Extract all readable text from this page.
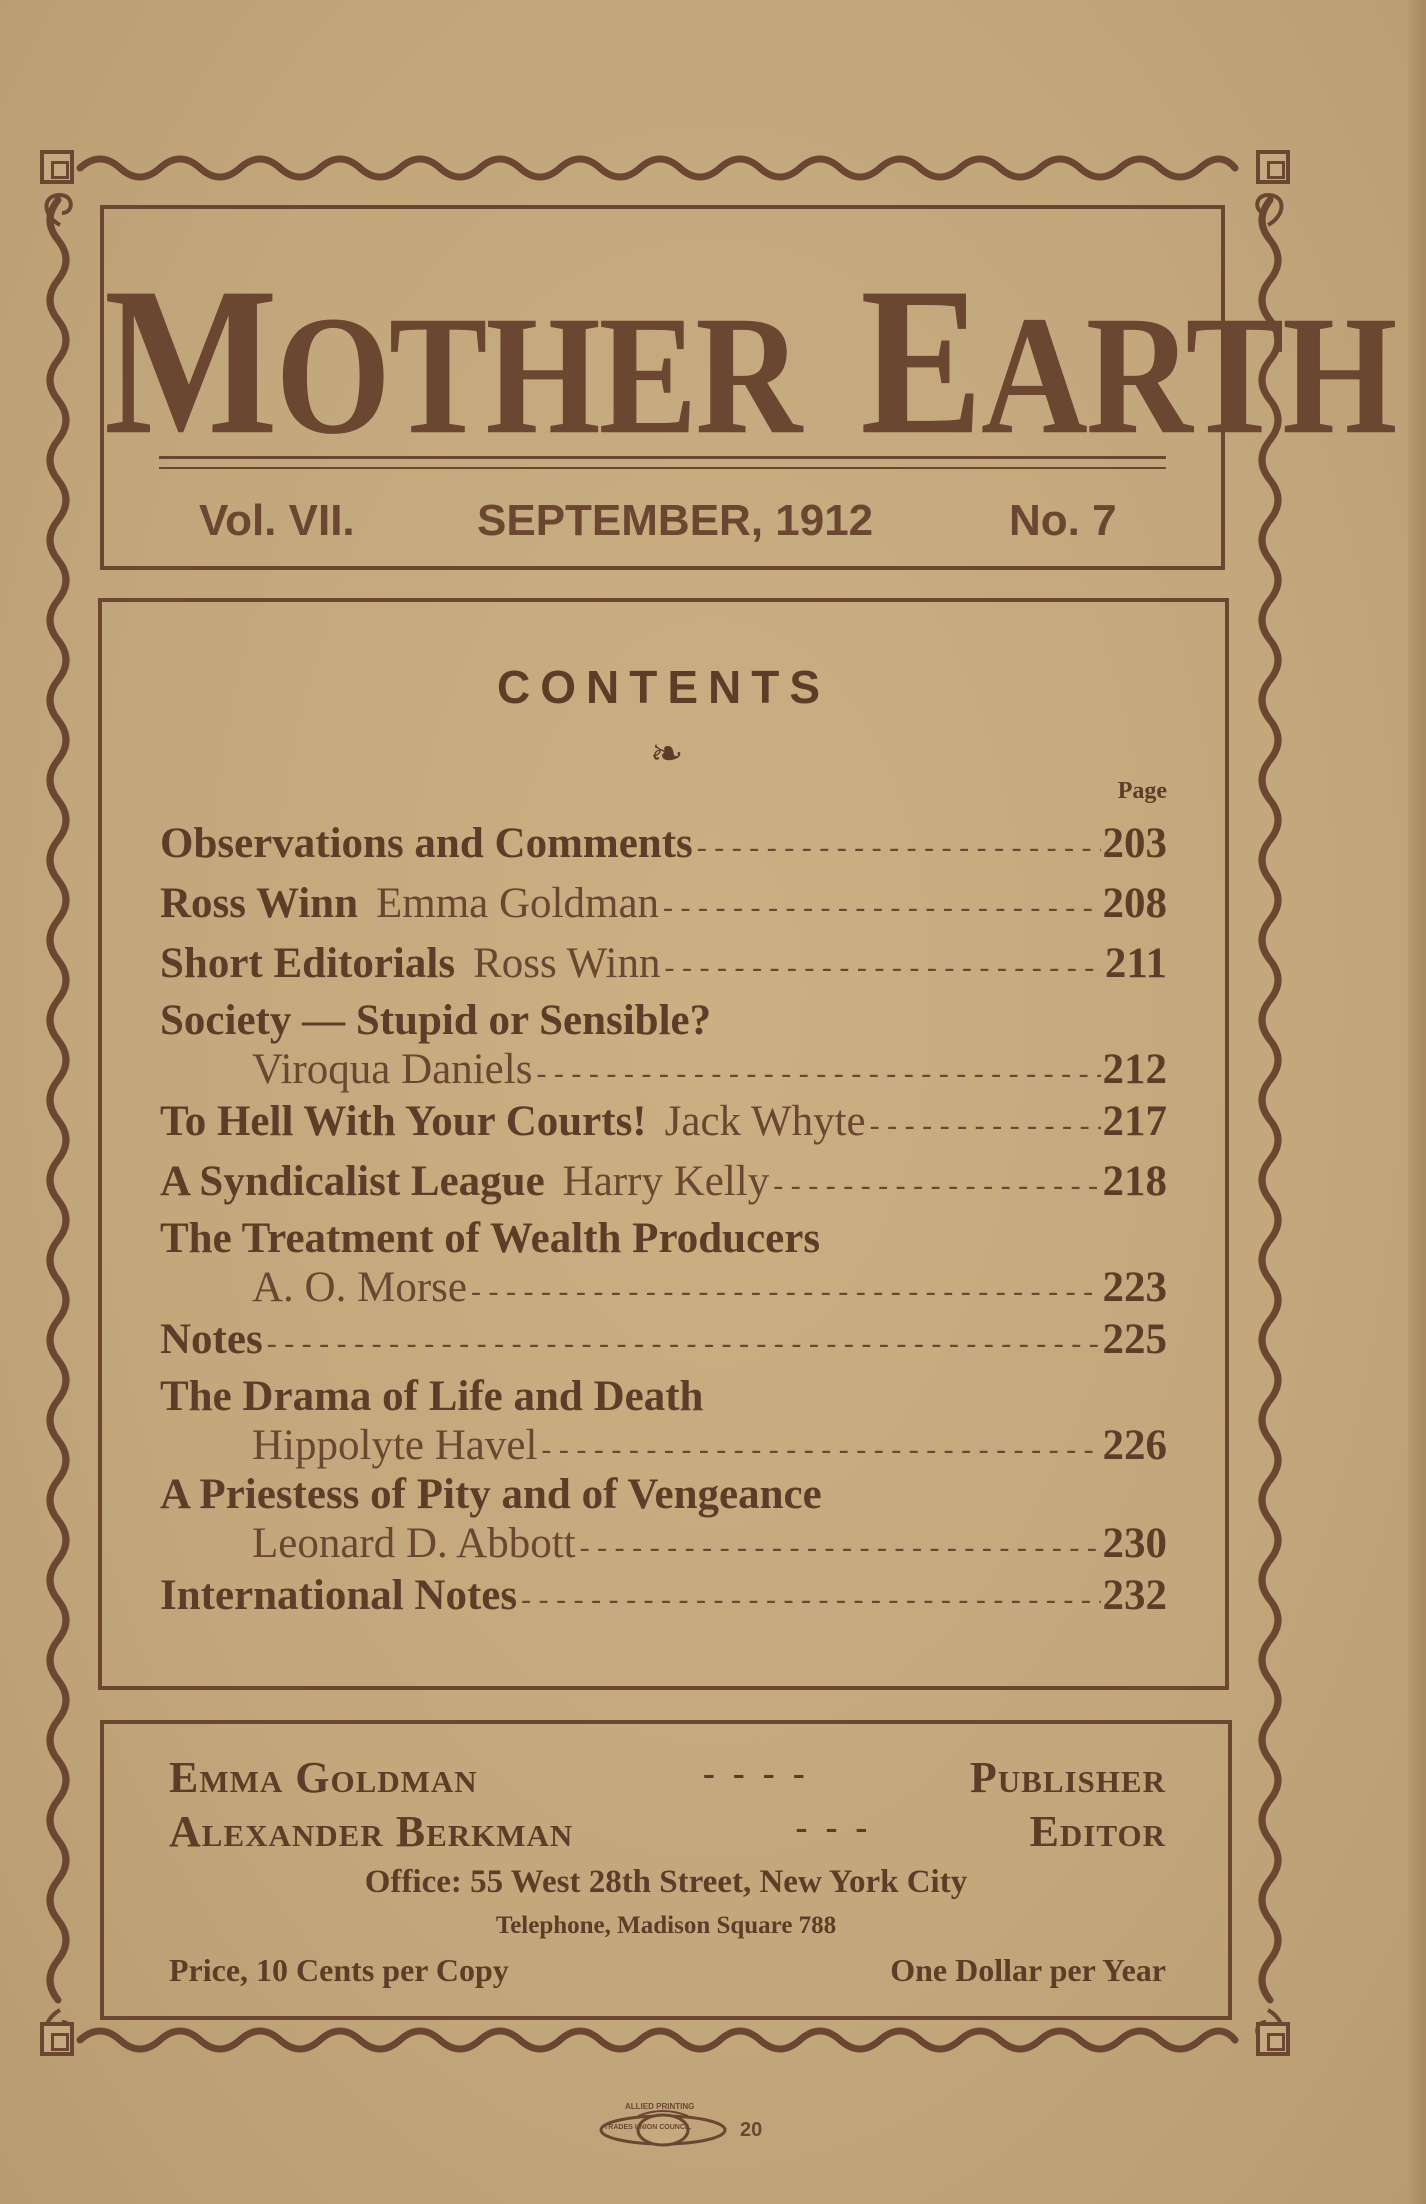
MOTHER EARTH
Vol. VII.	SEPTEMBER, 1912	No. 7
CONTENTS
❧
Page
Observations and Comments - - -	203
Ross Winn Emma Goldman - - -	208
Short Editorials Ross Winn - - -	211
Society — Stupid or Sensible?
Viroqua Daniels - - -	212
To Hell With Your Courts! Jack Whyte - - -	217
A Syndicalist League Harry Kelly - - -	218
The Treatment of Wealth Producers
A. O. Morse - - -	223
Notes - - -	225
The Drama of Life and Death
Hippolyte Havel - - -	226
A Priestess of Pity and of Vengeance
Leonard D. Abbott - - -	230
International Notes - - -	232
Emma Goldman	-  -  -  -	Publisher
Alexander Berkman	-  -  -	Editor
Office: 55 West 28th Street, New York City
Telephone, Madison Square 788
Price, 10 Cents per Copy	One Dollar per Year
ALLIED PRINTING
TRADES UNION COUNCIL 20
